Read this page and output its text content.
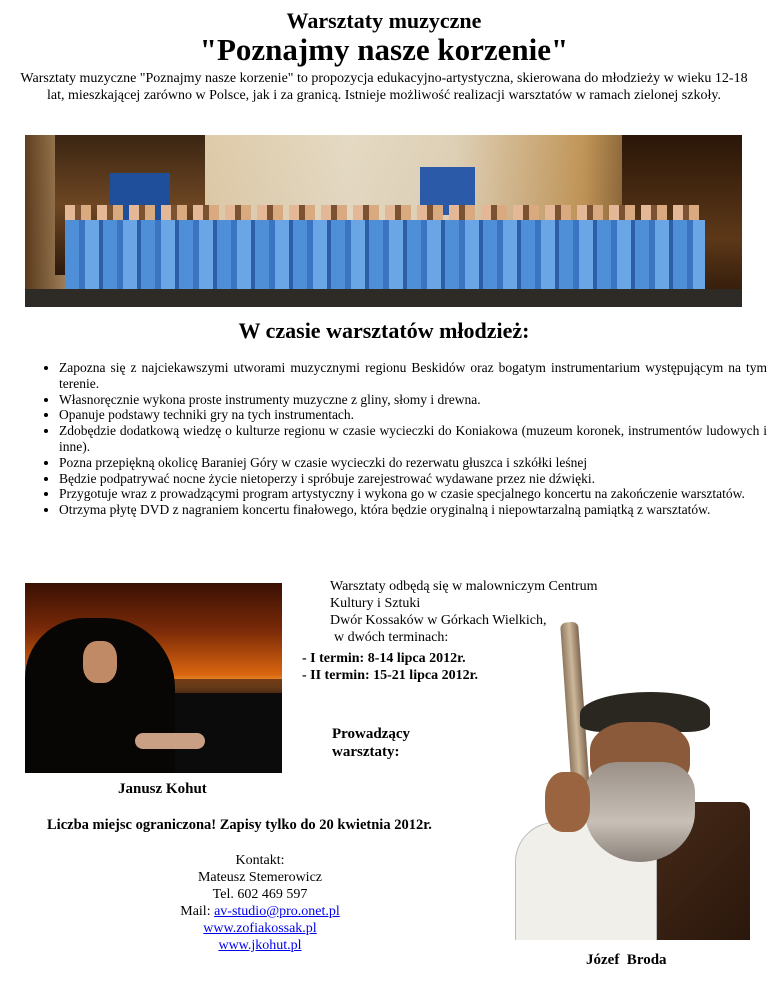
Warsztaty muzyczne
"Poznajmy nasze korzenie"
Warsztaty muzyczne "Poznajmy nasze korzenie" to propozycja edukacyjno-artystyczna, skierowana do młodzieży w wieku 12-18 lat, mieszkającej zarówno w Polsce, jak i za granicą. Istnieje możliwość realizacji warsztatów w ramach zielonej szkoły.
W czasie warsztatów młodzież:
• Zapozna się z najciekawszymi utworami muzycznymi regionu Beskidów oraz bogatym instrumentarium występującym na tym terenie.
• Własnoręcznie wykona proste instrumenty muzyczne z gliny, słomy i drewna.
• Opanuje podstawy techniki gry na tych instrumentach.
• Zdobędzie dodatkową wiedzę o kulturze regionu w czasie wycieczki do Koniakowa (muzeum koronek, instrumentów ludowych i inne).
• Pozna przepiękną okolicę Baraniej Góry w czasie wycieczki do rezerwatu głuszca i szkółki leśnej
• Będzie podpatrywać nocne życie nietoperzy i spróbuje zarejestrować wydawane przez nie dźwięki.
• Przygotuje wraz z prowadzącymi program artystyczny i wykona go w czasie specjalnego koncertu na zakończenie warsztatów.
• Otrzyma płytę DVD z nagraniem koncertu finałowego, która będzie oryginalną i niepowtarzalną pamiątką z warsztatów.
Warsztaty odbędą się w malowniczym Centrum Kultury i Sztuki
Dwór Kossaków w Górkach Wielkich,
w dwóch terminach:
- I termin: 8-14 lipca 2012r.
- II termin: 15-21 lipca 2012r.
Prowadzący
warsztaty:
Janusz Kohut
Liczba miejsc ograniczona! Zapisy tylko do 20 kwietnia 2012r.
Kontakt:
Mateusz Stemerowicz
Tel. 602 469 597
Mail: av-studio@pro.onet.pl
www.zofiakossak.pl
www.jkohut.pl
Józef  Broda
